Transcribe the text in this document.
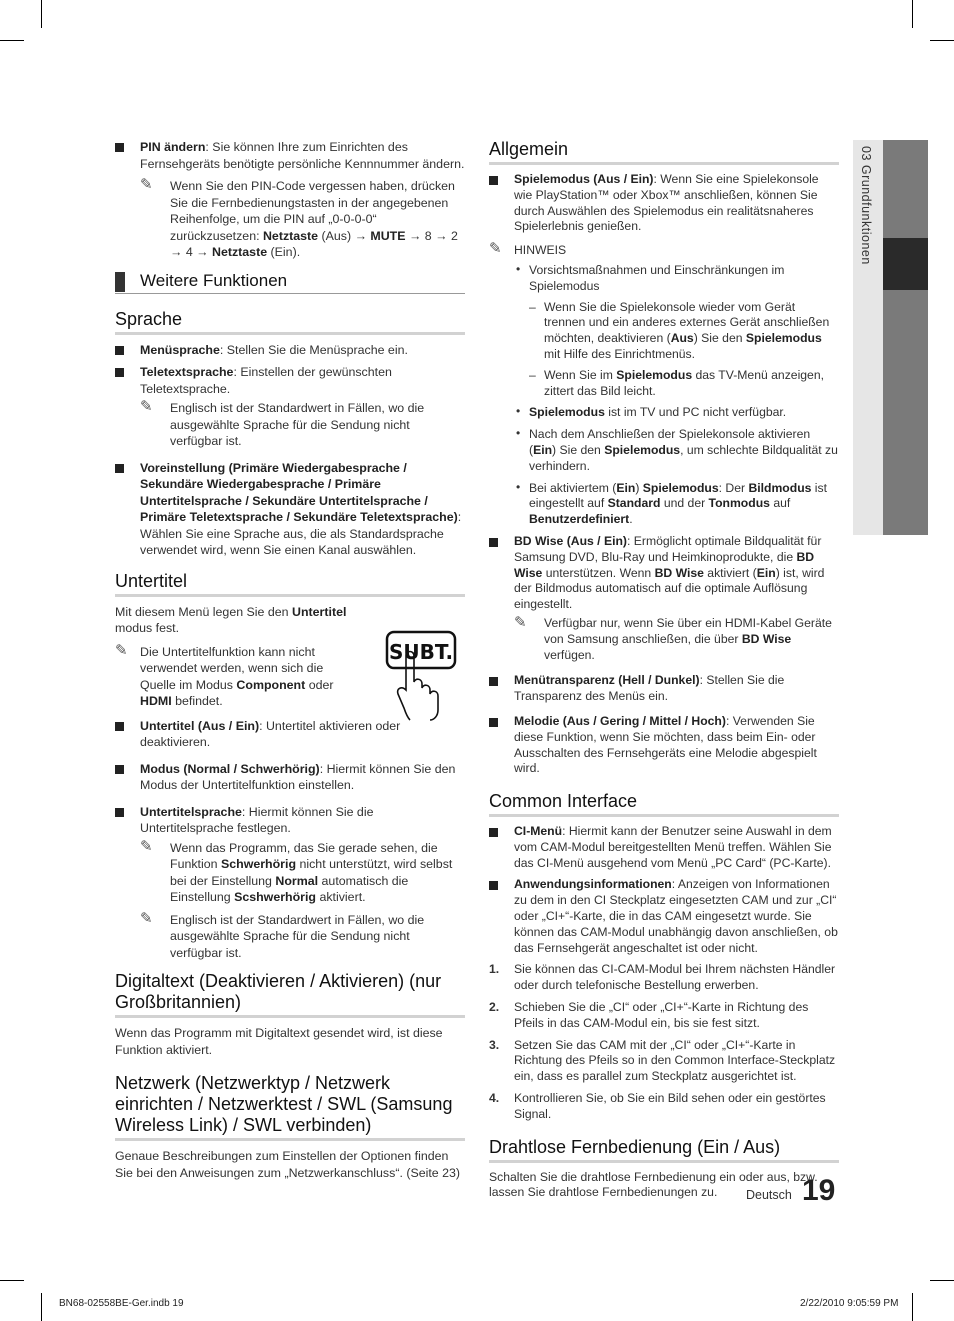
03 Grundfunktionen
PIN ändern: Sie können Ihre zum Einrichten des Fernsehgeräts benötigte persönliche Kennnummer ändern.
✎ Wenn Sie den PIN-Code vergessen haben, drücken Sie die Fernbedienungstasten in der angegebenen Reihenfolge, um die PIN auf „0-0-0-0“ zurückzusetzen: Netztaste (Aus) → MUTE → 8 → 2 → 4 → Netztaste (Ein).
Weitere Funktionen
Sprache
Menüsprache: Stellen Sie die Menüsprache ein.
Teletextsprache: Einstellen der gewünschten Teletextsprache.
✎ Englisch ist der Standardwert in Fällen, wo die ausgewählte Sprache für die Sendung nicht verfügbar ist.
Voreinstellung (Primäre Wiedergabesprache / Sekundäre Wiedergabesprache / Primäre Untertitelsprache / Sekundäre Untertitelsprache / Primäre Teletextsprache / Sekundäre Teletextsprache): Wählen Sie eine Sprache aus, die als Standardsprache verwendet wird, wenn Sie einen Kanal auswählen.
Untertitel

Mit diesem Menü legen Sie den Untertitel modus fest.

✎ Die Untertitelfunktion kann nicht verwendet werden, wenn sich die Quelle im Modus Component oder HDMI befindet.
Untertitel (Aus / Ein): Untertitel aktivieren oder deaktivieren.
Modus (Normal / Schwerhörig): Hiermit können Sie den Modus der Untertitelfunktion einstellen.
Untertitelsprache: Hiermit können Sie die Untertitelsprache festlegen.
✎ Wenn das Programm, das Sie gerade sehen, die Funktion Schwerhörig nicht unterstützt, wird selbst bei der Einstellung Normal automatisch die Einstellung Scshwerhörig aktiviert.
✎ Englisch ist der Standardwert in Fällen, wo die ausgewählte Sprache für die Sendung nicht verfügbar ist.
Digitaltext (Deaktivieren / Aktivieren) (nur Großbritannien)

Wenn das Programm mit Digitaltext gesendet wird, ist diese Funktion aktiviert.

Netzwerk (Netzwerktyp / Netzwerk einrichten / Netzwerktest / SWL (Samsung Wireless Link) / SWL verbinden)

Genaue Beschreibungen zum Einstellen der Optionen finden Sie bei den Anweisungen zum „Netzwerkanschluss“. (Seite 23)

SUBT.
Allgemein
Spielemodus (Aus / Ein): Wenn Sie eine Spielekonsole wie PlayStation™ oder Xbox™ anschließen, können Sie durch Auswählen des Spielemodus ein realitätsnaheres Spielerlebnis genießen.
✎ HINWEIS
• Vorsichtsmaßnahmen und Einschränkungen im Spielemodus
– Wenn Sie die Spielekonsole wieder vom Gerät trennen und ein anderes externes Gerät anschließen möchten, deaktivieren (Aus) Sie den Spielemodus mit Hilfe des Einrichtmenüs.
– Wenn Sie im Spielemodus das TV-Menü anzeigen, zittert das Bild leicht.
• Spielemodus ist im TV und PC nicht verfügbar.
• Nach dem Anschließen der Spielekonsole aktivieren (Ein) Sie den Spielemodus, um schlechte Bildqualität zu verhindern.
• Bei aktiviertem (Ein) Spielemodus: Der Bildmodus ist eingestellt auf Standard und der Tonmodus auf Benutzerdefiniert.
BD Wise (Aus / Ein): Ermöglicht optimale Bildqualität für Samsung DVD, Blu-Ray und Heimkinoprodukte, die BD Wise unterstützen. Wenn BD Wise aktiviert (Ein) ist, wird der Bildmodus automatisch auf die optimale Auflösung eingestellt.
✎ Verfügbar nur, wenn Sie über ein HDMI-Kabel Geräte von Samsung anschließen, die über BD Wise verfügen.
Menütransparenz (Hell / Dunkel): Stellen Sie die Transparenz des Menüs ein.
Melodie (Aus / Gering / Mittel / Hoch): Verwenden Sie diese Funktion, wenn Sie möchten, dass beim Ein- oder Ausschalten des Fernsehgeräts eine Melodie abgespielt wird.
Common Interface
CI-Menü: Hiermit kann der Benutzer seine Auswahl in dem vom CAM-Modul bereitgestellten Menü treffen. Wählen Sie das CI-Menü ausgehend vom Menü „PC Card“ (PC-Karte).
Anwendungsinformationen: Anzeigen von Informationen zu dem in den CI Steckplatz eingesetzten CAM und zur „CI“ oder „CI+“-Karte, die in das CAM eingesetzt wurde. Sie können das CAM-Modul unabhängig davon anschließen, ob das Fernsehgerät angeschaltet ist oder nicht.
1. Sie können das CI-CAM-Modul bei Ihrem nächsten Händler oder durch telefonische Bestellung erwerben.
2. Schieben Sie die „CI“ oder „CI+“-Karte in Richtung des Pfeils in das CAM-Modul ein, bis sie fest sitzt.
3. Setzen Sie das CAM mit der „CI“ oder „CI+“-Karte in Richtung des Pfeils so in den Common Interface-Steckplatz ein, dass es parallel zum Steckplatz ausgerichtet ist.
4. Kontrollieren Sie, ob Sie ein Bild sehen oder ein gestörtes Signal.
Drahtlose Fernbedienung (Ein / Aus)

Schalten Sie die drahtlose Fernbedienung ein oder aus, bzw. lassen Sie drahtlose Fernbedienungen zu.	Deutsch 19
BN68-02558BE-Ger.indb 19	2/22/2010 9:05:59 PM
